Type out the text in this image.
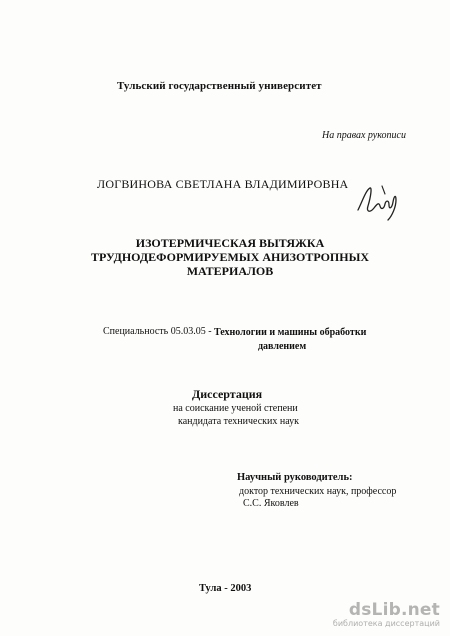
Тульский государственный университет
На правах рукописи
ЛОГВИНОВА СВЕТЛАНА ВЛАДИМИРОВНА
ИЗОТЕРМИЧЕСКАЯ ВЫТЯЖКА
ТРУДНОДЕФОРМИРУЕМЫХ АНИЗОТРОПНЫХ
МАТЕРИАЛОВ
Специальность 05.03.05 - Технологии и машины обработки
давлением
Диссертация
на соискание ученой степени
кандидата технических наук
Научный руководитель:
доктор технических наук, профессор
С.С. Яковлев
Тула - 2003
dsLib.net
библиотека диссертаций
